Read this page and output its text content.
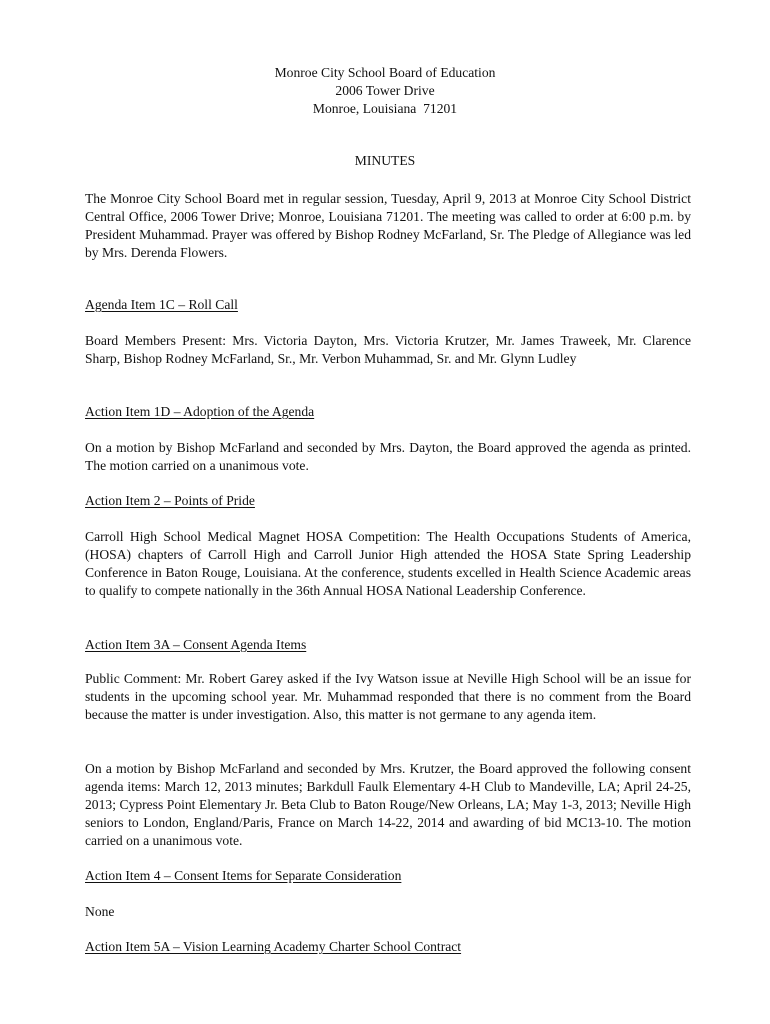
Monroe City School Board of Education
2006 Tower Drive
Monroe, Louisiana  71201
MINUTES

The Monroe City School Board met in regular session, Tuesday, April 9, 2013 at Monroe City School District Central Office, 2006 Tower Drive; Monroe, Louisiana 71201. The meeting was called to order at 6:00 p.m. by President Muhammad. Prayer was offered by Bishop Rodney McFarland, Sr. The Pledge of Allegiance was led by Mrs. Derenda Flowers.

Agenda Item 1C – Roll Call

Board Members Present: Mrs. Victoria Dayton, Mrs. Victoria Krutzer, Mr. James Traweek, Mr. Clarence Sharp, Bishop Rodney McFarland, Sr., Mr. Verbon Muhammad, Sr. and Mr. Glynn Ludley

Action Item 1D – Adoption of the Agenda

On a motion by Bishop McFarland and seconded by Mrs. Dayton, the Board approved the agenda as printed. The motion carried on a unanimous vote.

Action Item 2 – Points of Pride

Carroll High School Medical Magnet HOSA Competition: The Health Occupations Students of America, (HOSA) chapters of Carroll High and Carroll Junior High attended the HOSA State Spring Leadership Conference in Baton Rouge, Louisiana. At the conference, students excelled in Health Science Academic areas to qualify to compete nationally in the 36th Annual HOSA National Leadership Conference.

Action Item 3A – Consent Agenda Items

Public Comment: Mr. Robert Garey asked if the Ivy Watson issue at Neville High School will be an issue for students in the upcoming school year. Mr. Muhammad responded that there is no comment from the Board because the matter is under investigation. Also, this matter is not germane to any agenda item.

On a motion by Bishop McFarland and seconded by Mrs. Krutzer, the Board approved the following consent agenda items: March 12, 2013 minutes; Barkdull Faulk Elementary 4-H Club to Mandeville, LA; April 24-25, 2013; Cypress Point Elementary Jr. Beta Club to Baton Rouge/New Orleans, LA; May 1-3, 2013; Neville High seniors to London, England/Paris, France on March 14-22, 2014 and awarding of bid MC13-10. The motion carried on a unanimous vote.

Action Item 4 – Consent Items for Separate Consideration

None

Action Item 5A – Vision Learning Academy Charter School Contract
